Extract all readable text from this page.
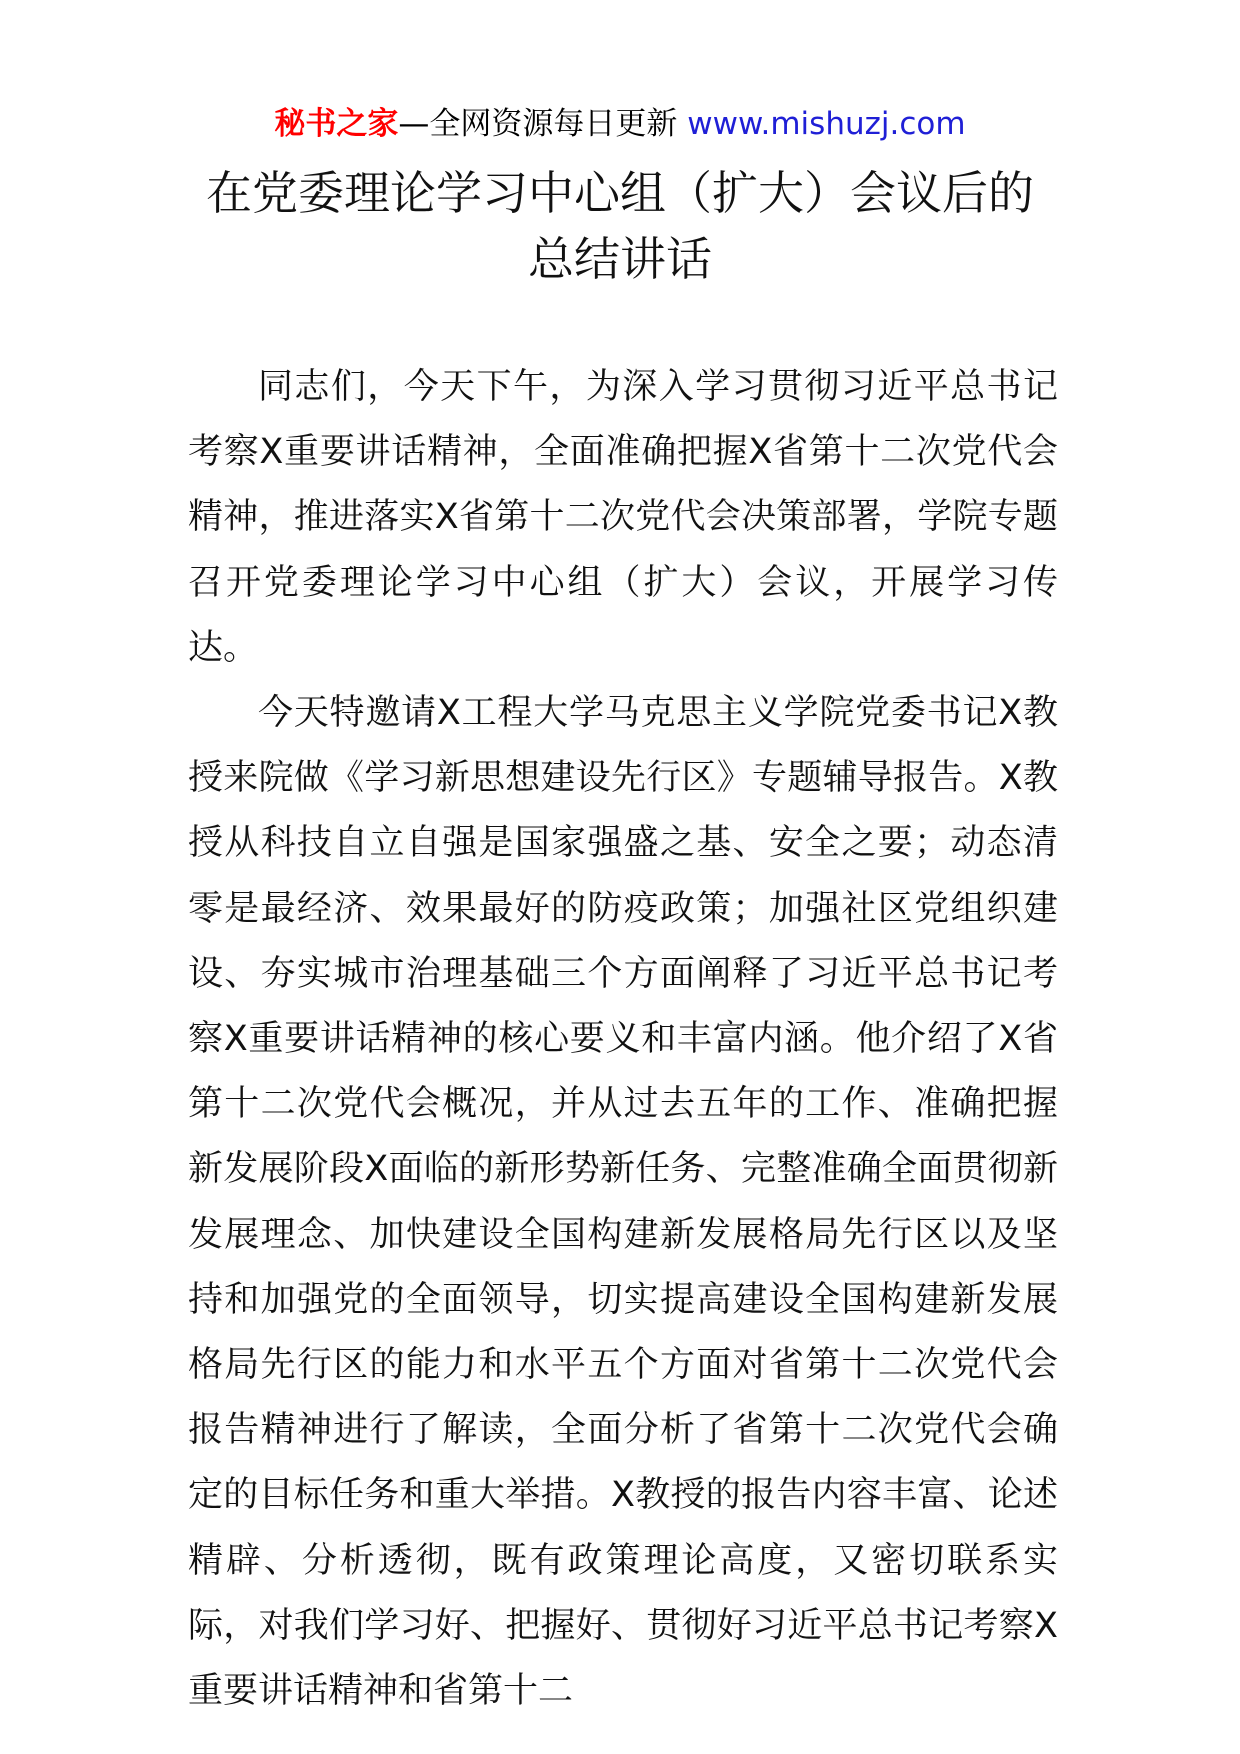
秘书之家—全网资源每日更新 www.mishuzj.com
在党委理论学习中心组（扩大）会议后的
总结讲话

同志们，今天下午，为深入学习贯彻习近平总书记考察X重要讲话精神，全面准确把握X省第十二次党代会精神，推进落实X省第十二次党代会决策部署，学院专题召开党委理论学习中心组（扩大）会议，开展学习传达。

今天特邀请X工程大学马克思主义学院党委书记X教授来院做《学习新思想建设先行区》专题辅导报告。X教授从科技自立自强是国家强盛之基、安全之要；动态清零是最经济、效果最好的防疫政策；加强社区党组织建设、夯实城市治理基础三个方面阐释了习近平总书记考察X重要讲话精神的核心要义和丰富内涵。他介绍了X省第十二次党代会概况，并从过去五年的工作、准确把握新发展阶段X面临的新形势新任务、完整准确全面贯彻新发展理念、加快建设全国构建新发展格局先行区以及坚持和加强党的全面领导，切实提高建设全国构建新发展格局先行区的能力和水平五个方面对省第十二次党代会报告精神进行了解读，全面分析了省第十二次党代会确定的目标任务和重大举措。X教授的报告内容丰富、论述精辟、分析透彻，既有政策理论高度，又密切联系实际，对我们学习好、把握好、贯彻好习近平总书记考察X重要讲话精神和省第十二
